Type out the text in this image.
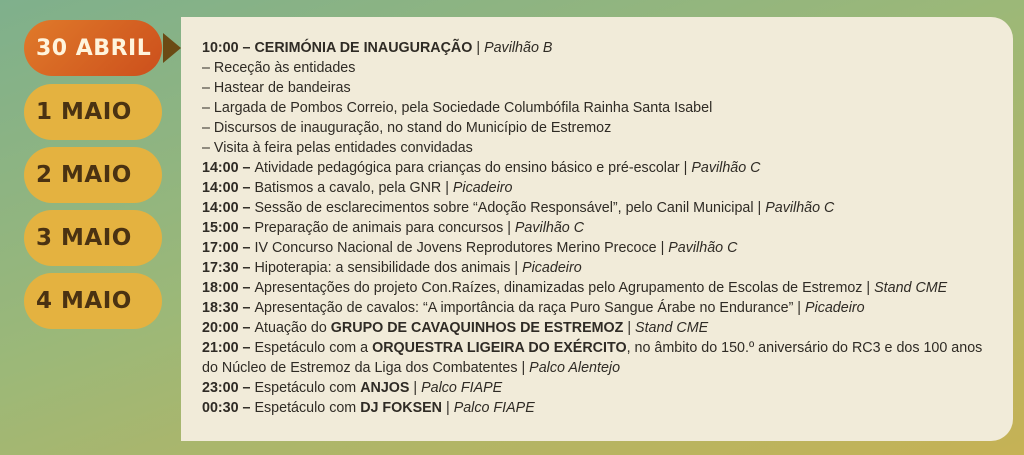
30 ABRIL
1 MAIO
2 MAIO
3 MAIO
4 MAIO
10:00 – CERIMÓNIA DE INAUGURAÇÃO | Pavilhão B
– Receção às entidades
– Hastear de bandeiras
– Largada de Pombos Correio, pela Sociedade Columbófila Rainha Santa Isabel
– Discursos de inauguração, no stand do Município de Estremoz
– Visita à feira pelas entidades convidadas
14:00 – Atividade pedagógica para crianças do ensino básico e pré-escolar | Pavilhão C
14:00 – Batismos a cavalo, pela GNR | Picadeiro
14:00 – Sessão de esclarecimentos sobre “Adoção Responsável”, pelo Canil Municipal | Pavilhão C
15:00 – Preparação de animais para concursos | Pavilhão C
17:00 – IV Concurso Nacional de Jovens Reprodutores Merino Precoce | Pavilhão C
17:30 – Hipoterapia: a sensibilidade dos animais | Picadeiro
18:00 – Apresentações do projeto Con.Raízes, dinamizadas pelo Agrupamento de Escolas de Estremoz | Stand CME
18:30 – Apresentação de cavalos: “A importância da raça Puro Sangue Árabe no Endurance” | Picadeiro
20:00 – Atuação do GRUPO DE CAVAQUINHOS DE ESTREMOZ | Stand CME
21:00 – Espetáculo com a ORQUESTRA LIGEIRA DO EXÉRCITO, no âmbito do 150.º aniversário do RC3 e dos 100 anos do Núcleo de Estremoz da Liga dos Combatentes | Palco Alentejo
23:00 – Espetáculo com ANJOS | Palco FIAPE
00:30 – Espetáculo com DJ FOKSEN | Palco FIAPE
